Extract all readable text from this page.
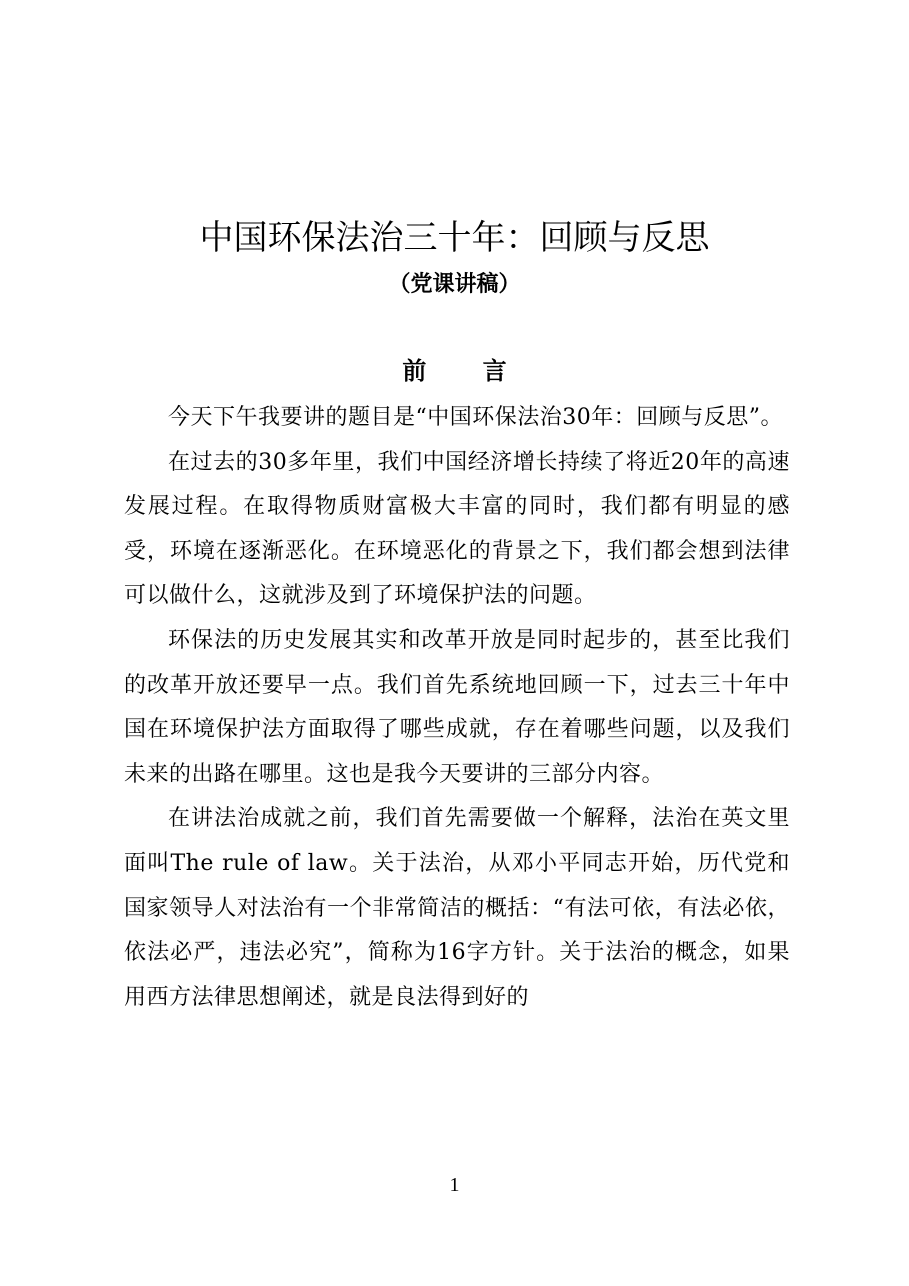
中国环保法治三十年：回顾与反思
（党课讲稿）
前 言

今天下午我要讲的题目是“中国环保法治30年：回顾与反思”。

在过去的30多年里，我们中国经济增长持续了将近20年的高速发展过程。在取得物质财富极大丰富的同时，我们都有明显的感受，环境在逐渐恶化。在环境恶化的背景之下，我们都会想到法律可以做什么，这就涉及到了环境保护法的问题。

环保法的历史发展其实和改革开放是同时起步的，甚至比我们的改革开放还要早一点。我们首先系统地回顾一下，过去三十年中国在环境保护法方面取得了哪些成就，存在着哪些问题，以及我们未来的出路在哪里。这也是我今天要讲的三部分内容。

在讲法治成就之前，我们首先需要做一个解释，法治在英文里面叫The rule of law。关于法治，从邓小平同志开始，历代党和国家领导人对法治有一个非常简洁的概括：“有法可依，有法必依，依法必严，违法必究”，简称为16字方针。关于法治的概念，如果用西方法律思想阐述，就是良法得到好的

1
